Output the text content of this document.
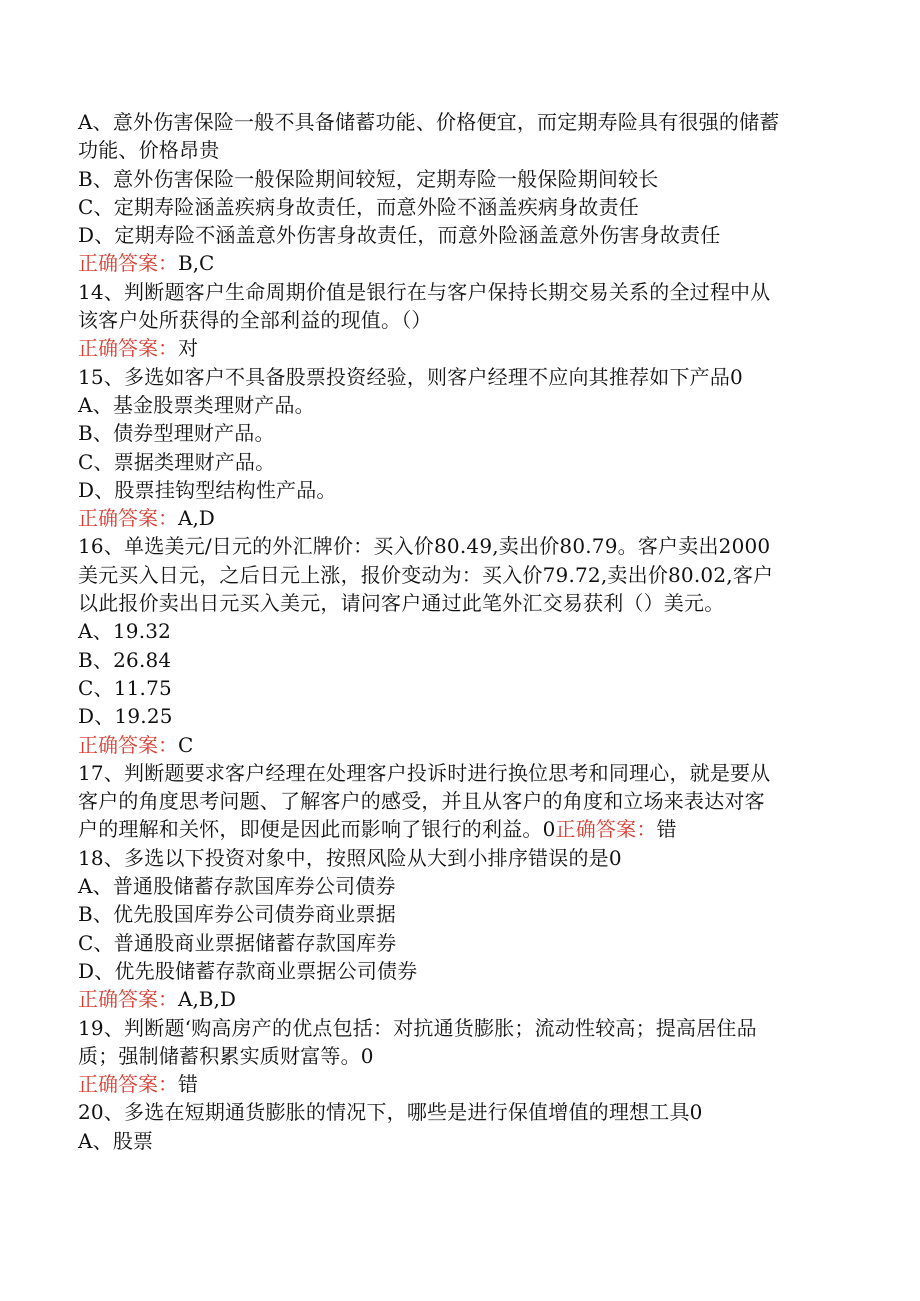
A、意外伤害保险一般不具备储蓄功能、价格便宜，而定期寿险具有很强的储蓄
功能、价格昂贵
B、意外伤害保险一般保险期间较短，定期寿险一般保险期间较长
C、定期寿险涵盖疾病身故责任，而意外险不涵盖疾病身故责任
D、定期寿险不涵盖意外伤害身故责任，而意外险涵盖意外伤害身故责任
正确答案：B,C
14、判断题客户生命周期价值是银行在与客户保持长期交易关系的全过程中从
该客户处所获得的全部利益的现值。（）
正确答案：对
15、多选如客户不具备股票投资经验，则客户经理不应向其推荐如下产品0
A、基金股票类理财产品。
B、债券型理财产品。
C、票据类理财产品。
D、股票挂钩型结构性产品。
正确答案：A,D
16、单选美元/日元的外汇牌价：买入价80.49,卖出价80.79。客户卖出2000
美元买入日元，之后日元上涨，报价变动为：买入价79.72,卖出价80.02,客户
以此报价卖出日元买入美元，请问客户通过此笔外汇交易获利（）美元。
A、19.32
B、26.84
C、11.75
D、19.25
正确答案：C
17、判断题要求客户经理在处理客户投诉时进行换位思考和同理心，就是要从
客户的角度思考问题、了解客户的感受，并且从客户的角度和立场来表达对客
户的理解和关怀，即便是因此而影响了银行的利益。0正确答案：错
18、多选以下投资对象中，按照风险从大到小排序错误的是0
A、普通股储蓄存款国库券公司债券
B、优先股国库券公司债券商业票据
C、普通股商业票据储蓄存款国库券
D、优先股储蓄存款商业票据公司债券
正确答案：A,B,D
19、判断题‘购高房产的优点包括：对抗通货膨胀；流动性较高；提高居住品
质；强制储蓄积累实质财富等。0
正确答案：错
20、多选在短期通货膨胀的情况下，哪些是进行保值增值的理想工具0
A、股票
